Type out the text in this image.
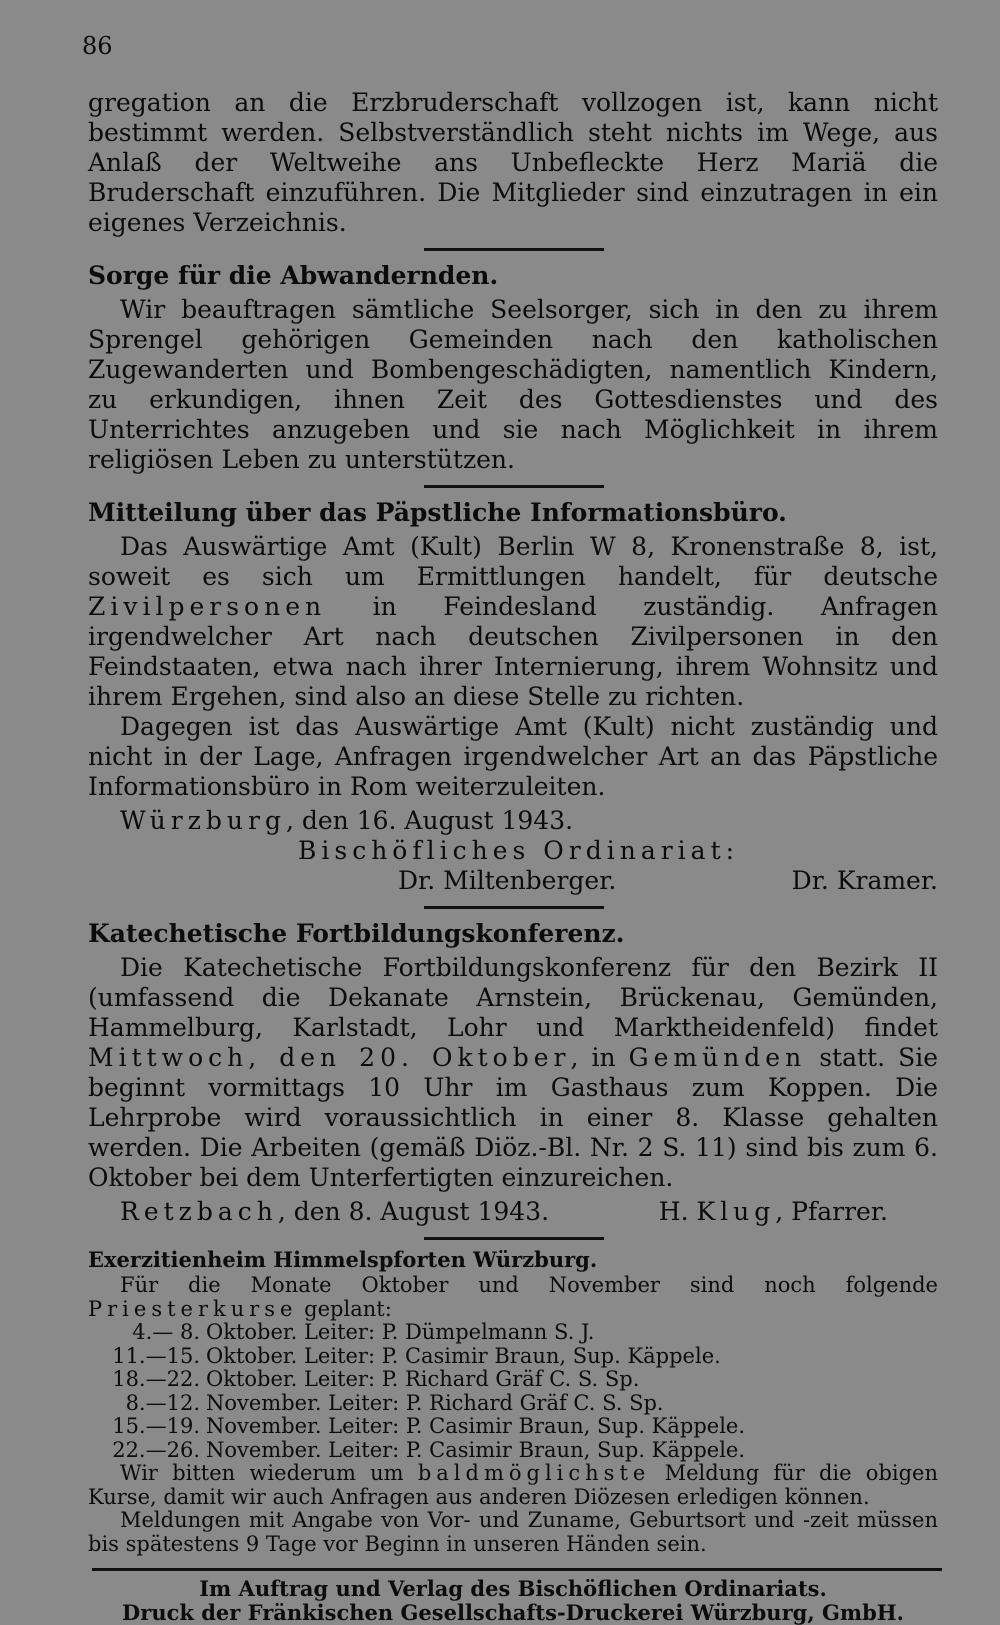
86

gregation an die Erzbruderschaft vollzogen ist, kann nicht bestimmt werden. Selbstverständlich steht nichts im Wege, aus Anlaß der Weltweihe ans Unbefleckte Herz Mariä die Bruderschaft einzuführen. Die Mitglieder sind einzutragen in ein eigenes Verzeichnis.

Sorge für die Abwandernden.

Wir beauftragen sämtliche Seelsorger, sich in den zu ihrem Sprengel gehörigen Gemeinden nach den katholischen Zugewanderten und Bombengeschädigten, namentlich Kindern, zu erkundigen, ihnen Zeit des Gottesdienstes und des Unterrichtes anzugeben und sie nach Möglichkeit in ihrem religiösen Leben zu unterstützen.

Mitteilung über das Päpstliche Informationsbüro.

Das Auswärtige Amt (Kult) Berlin W 8, Kronenstraße 8, ist, soweit es sich um Ermittlungen handelt, für deutsche Zivilpersonen in Feindesland zuständig. Anfragen irgendwelcher Art nach deutschen Zivilpersonen in den Feindstaaten, etwa nach ihrer Internierung, ihrem Wohnsitz und ihrem Ergehen, sind also an diese Stelle zu richten.

Dagegen ist das Auswärtige Amt (Kult) nicht zuständig und nicht in der Lage, Anfragen irgendwelcher Art an das Päpstliche Informationsbüro in Rom weiterzuleiten.

Würzburg, den 16. August 1943.

Bischöfliches Ordinariat:
Dr. Miltenberger.	Dr. Kramer.
Katechetische Fortbildungskonferenz.

Die Katechetische Fortbildungskonferenz für den Bezirk II (umfassend die Dekanate Arnstein, Brückenau, Gemünden, Hammelburg, Karlstadt, Lohr und Marktheidenfeld) findet Mittwoch, den 20. Oktober, in Gemünden statt. Sie beginnt vormittags 10 Uhr im Gasthaus zum Koppen. Die Lehrprobe wird voraussichtlich in einer 8. Klasse gehalten werden. Die Arbeiten (gemäß Diöz.-Bl. Nr. 2 S. 11) sind bis zum 6. Oktober bei dem Unterfertigten einzureichen.

Retzbach, den 8. August 1943.	H. Klug, Pfarrer.
Exerzitienheim Himmelspforten Würzburg.

Für die Monate Oktober und November sind noch folgende Priesterkurse geplant:

4.— 8. Oktober. Leiter: P. Dümpelmann S. J.
11.—15. Oktober. Leiter: P. Casimir Braun, Sup. Käppele.
18.—22. Oktober. Leiter: P. Richard Gräf C. S. Sp.
8.—12. November. Leiter: P. Richard Gräf C. S. Sp.
15.—19. November. Leiter: P. Casimir Braun, Sup. Käppele.
22.—26. November. Leiter: P. Casimir Braun, Sup. Käppele.

Wir bitten wiederum um baldmöglichste Meldung für die obigen Kurse, damit wir auch Anfragen aus anderen Diözesen erledigen können.

Meldungen mit Angabe von Vor- und Zuname, Geburtsort und -zeit müssen bis spätestens 9 Tage vor Beginn in unseren Händen sein.

Im Auftrag und Verlag des Bischöflichen Ordinariats.
Druck der Fränkischen Gesellschafts-Druckerei Würzburg, GmbH.
